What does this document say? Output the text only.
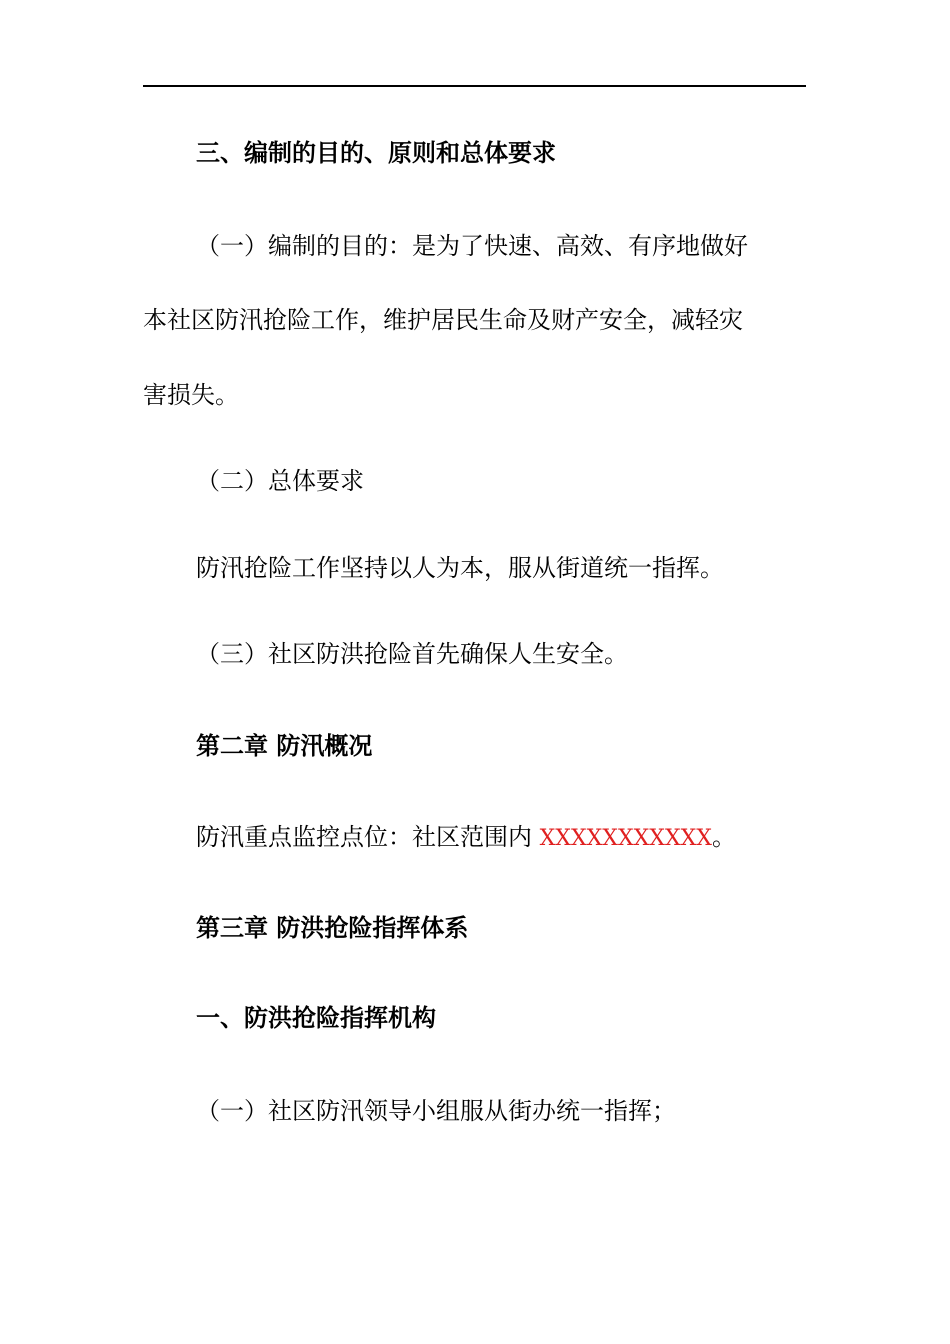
三、编制的目的、原则和总体要求
（一）编制的目的：是为了快速、高效、有序地做好
本社区防汛抢险工作，维护居民生命及财产安全，减轻灾
害损失。
（二）总体要求
防汛抢险工作坚持以人为本，服从街道统一指挥。
（三）社区防洪抢险首先确保人生安全。
第二章 防汛概况
防汛重点监控点位：社区范围内 XXXXXXXXXXX。
第三章 防洪抢险指挥体系
一、防洪抢险指挥机构
（一）社区防汛领导小组服从街办统一指挥；
